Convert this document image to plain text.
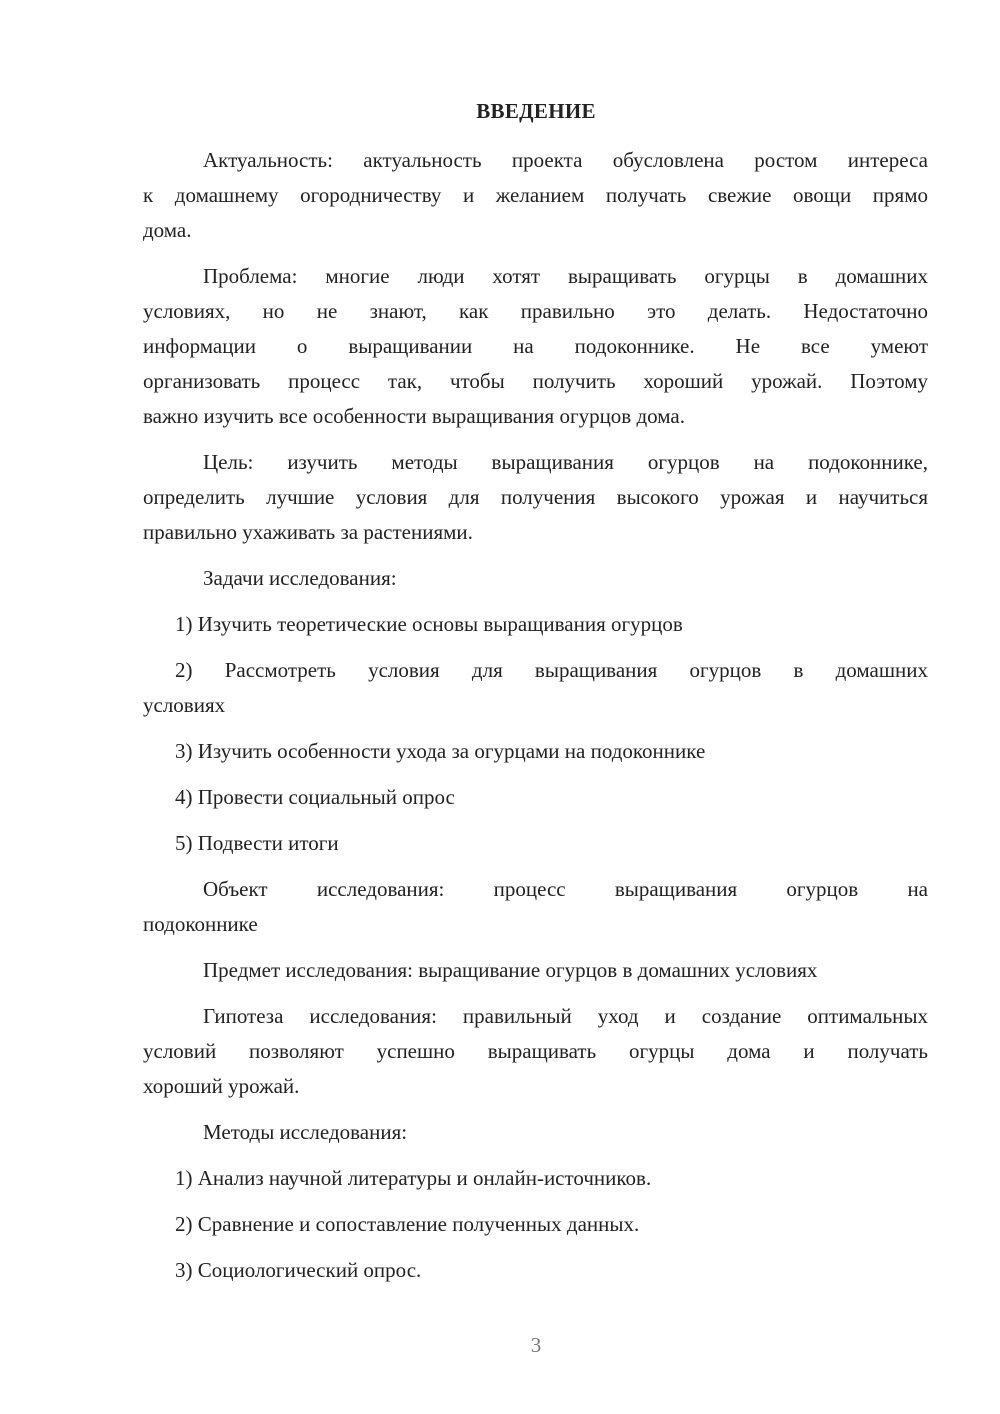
ВВЕДЕНИЕ

Актуальность: актуальность проекта обусловлена ростом интереса
к домашнему огородничеству и желанием получать свежие овощи прямо
дома.

Проблема: многие люди хотят выращивать огурцы в домашних
условиях, но не знают, как правильно это делать. Недостаточно
информации о выращивании на подоконнике. Не все умеют
организовать процесс так, чтобы получить хороший урожай. Поэтому
важно изучить все особенности выращивания огурцов дома.

Цель: изучить методы выращивания огурцов на подоконнике,
определить лучшие условия для получения высокого урожая и научиться
правильно ухаживать за растениями.

Задачи исследования:

1) Изучить теоретические основы выращивания огурцов

2) Рассмотреть условия для выращивания огурцов в домашних
условиях

3) Изучить особенности ухода за огурцами на подоконнике

4) Провести социальный опрос

5) Подвести итоги

Объект исследования: процесс выращивания огурцов на
подоконнике

Предмет исследования: выращивание огурцов в домашних условиях

Гипотеза исследования: правильный уход и создание оптимальных
условий позволяют успешно выращивать огурцы дома и получать
хороший урожай.

Методы исследования:

1) Анализ научной литературы и онлайн-источников.

2) Сравнение и сопоставление полученных данных.

3) Социологический опрос.

3
